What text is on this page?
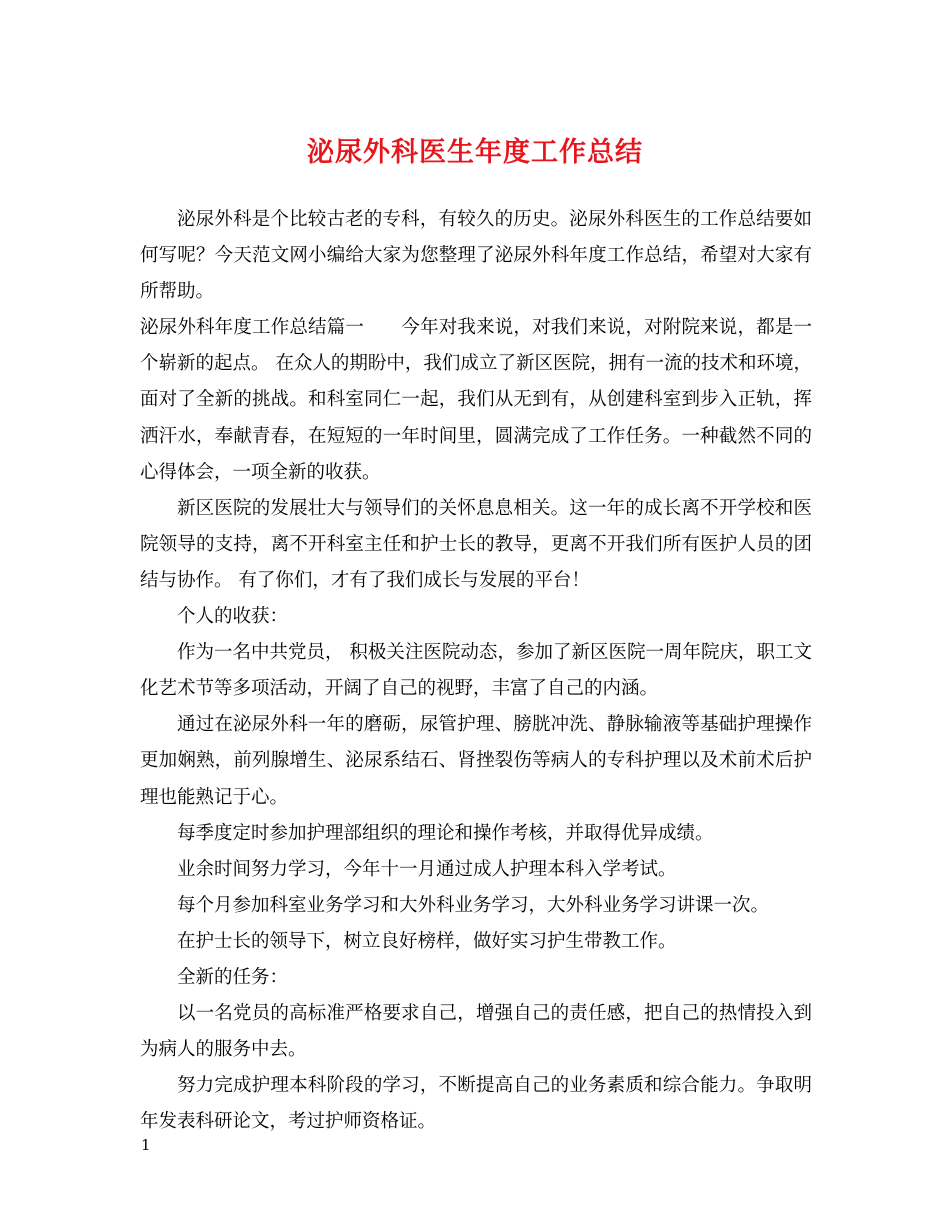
泌尿外科医生年度工作总结

泌尿外科是个比较古老的专科，有较久的历史。泌尿外科医生的工作总结要如何写呢？今天范文网小编给大家为您整理了泌尿外科年度工作总结，希望对大家有所帮助。

泌尿外科年度工作总结篇一　　今年对我来说，对我们来说，对附院来说，都是一个崭新的起点。 在众人的期盼中，我们成立了新区医院，拥有一流的技术和环境，面对了全新的挑战。和科室同仁一起，我们从无到有，从创建科室到步入正轨，挥洒汗水，奉献青春，在短短的一年时间里，圆满完成了工作任务。一种截然不同的心得体会，一项全新的收获。

新区医院的发展壮大与领导们的关怀息息相关。这一年的成长离不开学校和医院领导的支持，离不开科室主任和护士长的教导，更离不开我们所有医护人员的团结与协作。 有了你们，才有了我们成长与发展的平台！

个人的收获：

作为一名中共党员， 积极关注医院动态，参加了新区医院一周年院庆，职工文化艺术节等多项活动，开阔了自己的视野，丰富了自己的内涵。

通过在泌尿外科一年的磨砺，尿管护理、膀胱冲洗、静脉输液等基础护理操作更加娴熟，前列腺增生、泌尿系结石、肾挫裂伤等病人的专科护理以及术前术后护理也能熟记于心。

每季度定时参加护理部组织的理论和操作考核，并取得优异成绩。

业余时间努力学习，今年十一月通过成人护理本科入学考试。

每个月参加科室业务学习和大外科业务学习，大外科业务学习讲课一次。

在护士长的领导下，树立良好榜样，做好实习护生带教工作。

全新的任务：

以一名党员的高标准严格要求自己，增强自己的责任感，把自己的热情投入到为病人的服务中去。

努力完成护理本科阶段的学习，不断提高自己的业务素质和综合能力。争取明年发表科研论文，考过护师资格证。

1
